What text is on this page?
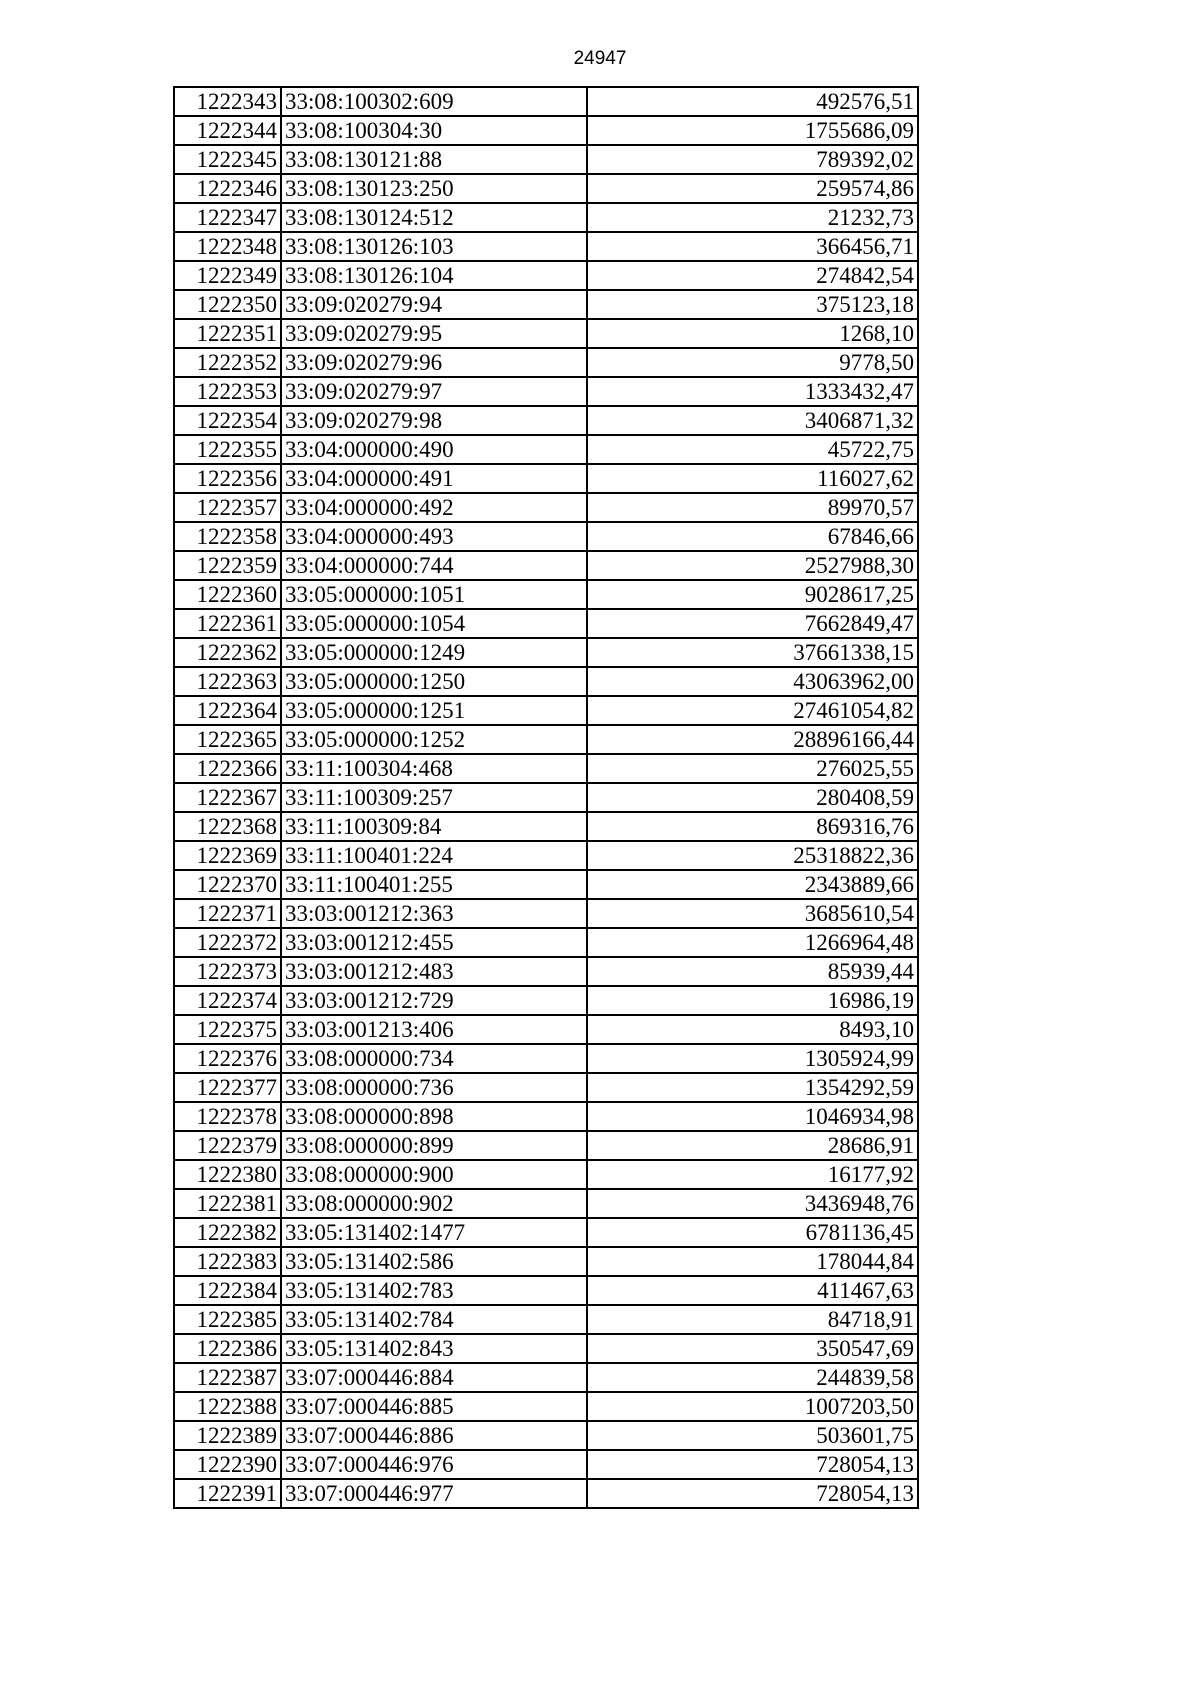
24947
1222343	33:08:100302:609	492576,51
1222344	33:08:100304:30	1755686,09
1222345	33:08:130121:88	789392,02
1222346	33:08:130123:250	259574,86
1222347	33:08:130124:512	21232,73
1222348	33:08:130126:103	366456,71
1222349	33:08:130126:104	274842,54
1222350	33:09:020279:94	375123,18
1222351	33:09:020279:95	1268,10
1222352	33:09:020279:96	9778,50
1222353	33:09:020279:97	1333432,47
1222354	33:09:020279:98	3406871,32
1222355	33:04:000000:490	45722,75
1222356	33:04:000000:491	116027,62
1222357	33:04:000000:492	89970,57
1222358	33:04:000000:493	67846,66
1222359	33:04:000000:744	2527988,30
1222360	33:05:000000:1051	9028617,25
1222361	33:05:000000:1054	7662849,47
1222362	33:05:000000:1249	37661338,15
1222363	33:05:000000:1250	43063962,00
1222364	33:05:000000:1251	27461054,82
1222365	33:05:000000:1252	28896166,44
1222366	33:11:100304:468	276025,55
1222367	33:11:100309:257	280408,59
1222368	33:11:100309:84	869316,76
1222369	33:11:100401:224	25318822,36
1222370	33:11:100401:255	2343889,66
1222371	33:03:001212:363	3685610,54
1222372	33:03:001212:455	1266964,48
1222373	33:03:001212:483	85939,44
1222374	33:03:001212:729	16986,19
1222375	33:03:001213:406	8493,10
1222376	33:08:000000:734	1305924,99
1222377	33:08:000000:736	1354292,59
1222378	33:08:000000:898	1046934,98
1222379	33:08:000000:899	28686,91
1222380	33:08:000000:900	16177,92
1222381	33:08:000000:902	3436948,76
1222382	33:05:131402:1477	6781136,45
1222383	33:05:131402:586	178044,84
1222384	33:05:131402:783	411467,63
1222385	33:05:131402:784	84718,91
1222386	33:05:131402:843	350547,69
1222387	33:07:000446:884	244839,58
1222388	33:07:000446:885	1007203,50
1222389	33:07:000446:886	503601,75
1222390	33:07:000446:976	728054,13
1222391	33:07:000446:977	728054,13
